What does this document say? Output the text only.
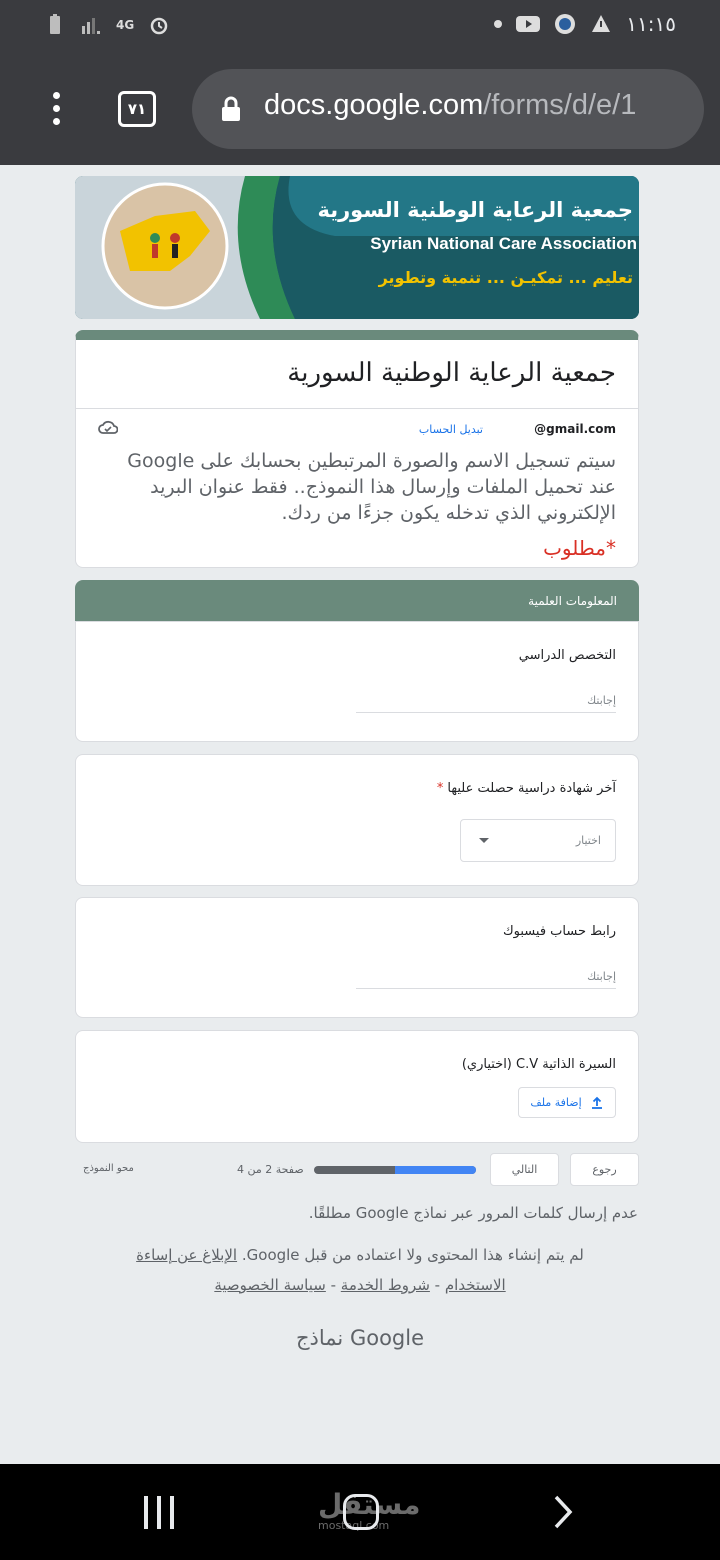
4G	١١:١٥
٧١	docs.google.com/forms/d/e/1
جمعية الرعاية الوطنية السورية
Syrian National Care Association
تعليم ... تمكيـن ... تنمية وتطوير
جمعية الرعاية الوطنية السورية
@gmail.com
تبديل الحساب
سيتم تسجيل الاسم والصورة المرتبطين بحسابك على Google عند تحميل الملفات وإرسال هذا النموذج.. فقط عنوان البريد الإلكتروني الذي تدخله يكون جزءًا من ردك.
*مطلوب
المعلومات العلمية
التخصص الدراسي
إجابتك
آخر شهادة دراسية حصلت عليها*
اختيار
رابط حساب فيسبوك
إجابتك
السيرة الذاتية C.V (اختياري)
إضافة ملف
رجوع
التالي
صفحة 2 من 4
محو النموذج
عدم إرسال كلمات المرور عبر نماذج Google مطلقًا.
لم يتم إنشاء هذا المحتوى ولا اعتماده من قبل Google. الإبلاغ عن إساءة الاستخدام - شروط الخدمة - سياسة الخصوصية
نماذج Google
مستقل
mostaql.com
